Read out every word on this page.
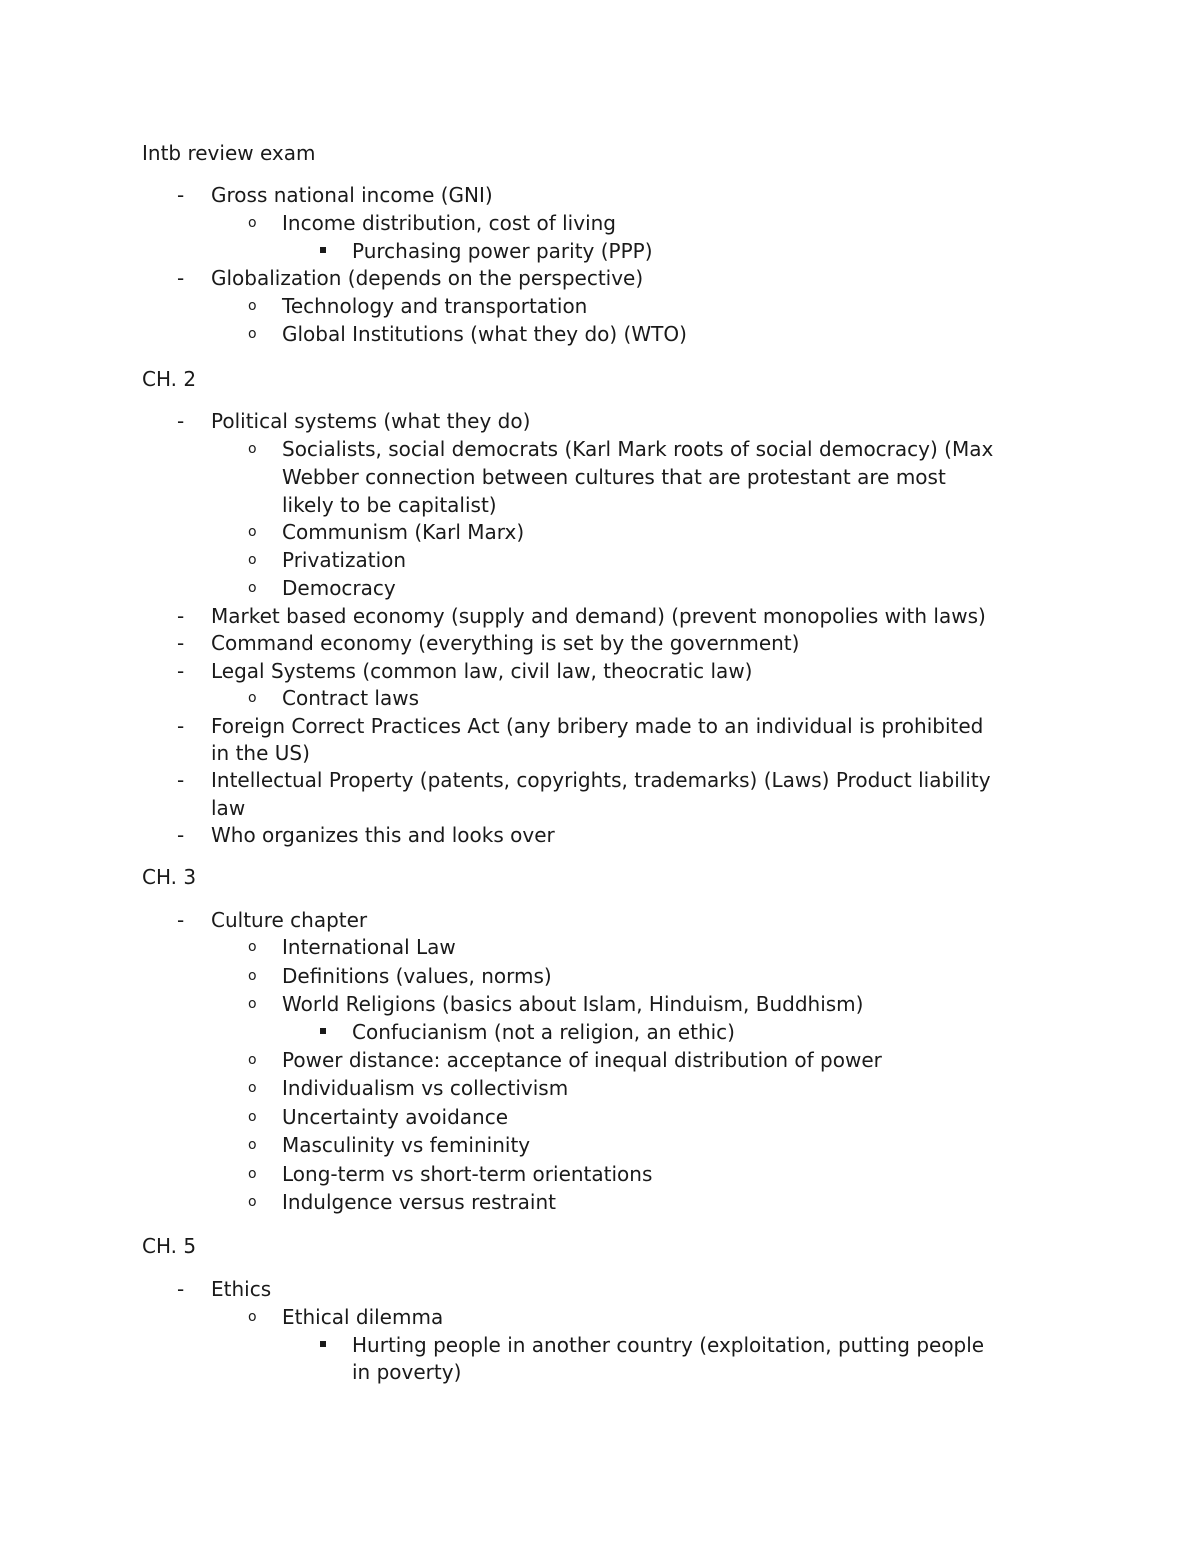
Intb review exam
- Gross national income (GNI)
o Income distribution, cost of living
Purchasing power parity (PPP)
- Globalization (depends on the perspective)
o Technology and transportation
o Global Institutions (what they do) (WTO)
CH. 2
- Political systems (what they do)
o Socialists, social democrats (Karl Mark roots of social democracy) (Max
Webber connection between cultures that are protestant are most
likely to be capitalist)
o Communism (Karl Marx)
o Privatization
o Democracy
- Market based economy (supply and demand) (prevent monopolies with laws)
- Command economy (everything is set by the government)
- Legal Systems (common law, civil law, theocratic law)
o Contract laws
- Foreign Correct Practices Act (any bribery made to an individual is prohibited
in the US)
- Intellectual Property (patents, copyrights, trademarks) (Laws) Product liability
law
- Who organizes this and looks over
CH. 3
- Culture chapter
o International Law
o Definitions (values, norms)
o World Religions (basics about Islam, Hinduism, Buddhism)
Confucianism (not a religion, an ethic)
o Power distance: acceptance of inequal distribution of power
o Individualism vs collectivism
o Uncertainty avoidance
o Masculinity vs femininity
o Long-term vs short-term orientations
o Indulgence versus restraint
CH. 5
- Ethics
o Ethical dilemma
Hurting people in another country (exploitation, putting people
in poverty)
